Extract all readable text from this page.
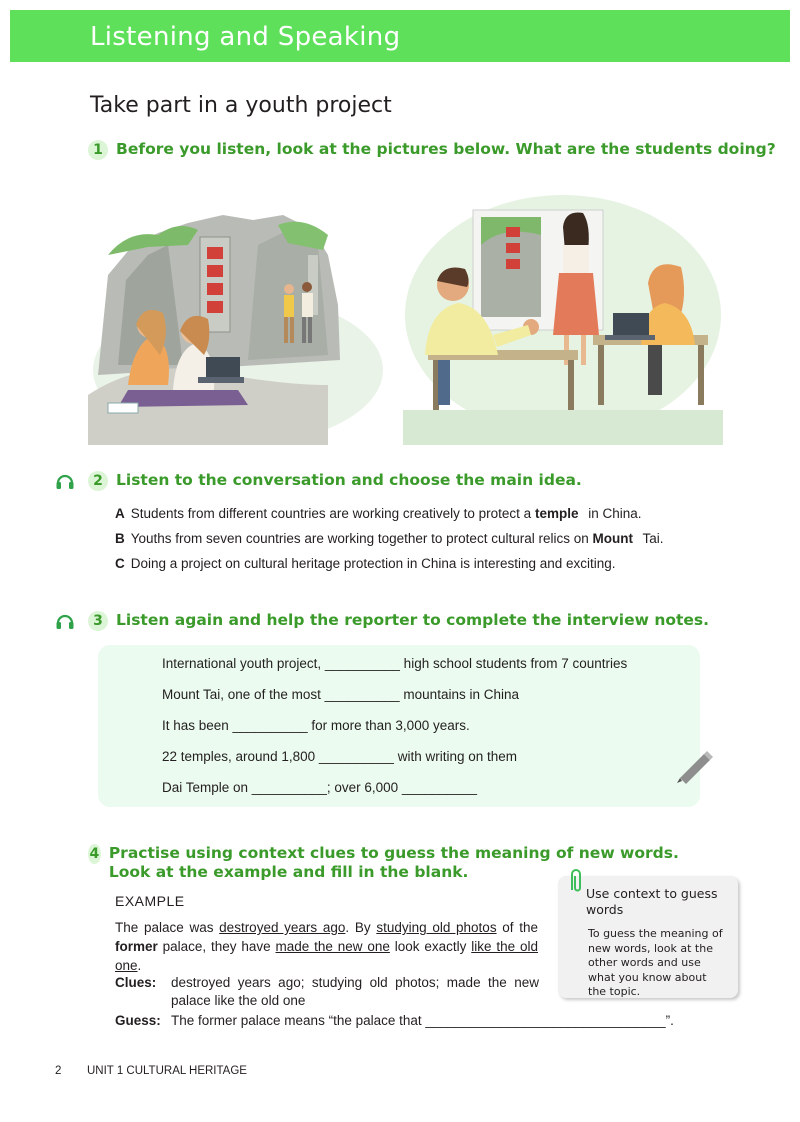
Listening and Speaking
Take part in a youth project
1 Before you listen, look at the pictures below. What are the students doing?
2 Listen to the conversation and choose the main idea.
A Students from different countries are working creatively to protect a temple in China.
B Youths from seven countries are working together to protect cultural relics on Mount Tai.
C Doing a project on cultural heritage protection in China is interesting and exciting.
3 Listen again and help the reporter to complete the interview notes.
International youth project, __________ high school students from 7 countries
Mount Tai, one of the most __________ mountains in China
It has been __________ for more than 3,000 years.
22 temples, around 1,800 __________ with writing on them
Dai Temple on __________; over 6,000 __________
4 Practise using context clues to guess the meaning of new words. Look at the example and fill in the blank.
EXAMPLE
The palace was destroyed years ago. By studying old photos of the former palace, they have made the new one look exactly like the old one.
Clues: destroyed years ago; studying old photos; made the new palace like the old one
Guess: The former palace means “the palace that ________________________________”.
Use context to guess words
To guess the meaning of new words, look at the other words and use what you know about the topic.
2 UNIT 1 CULTURAL HERITAGE
